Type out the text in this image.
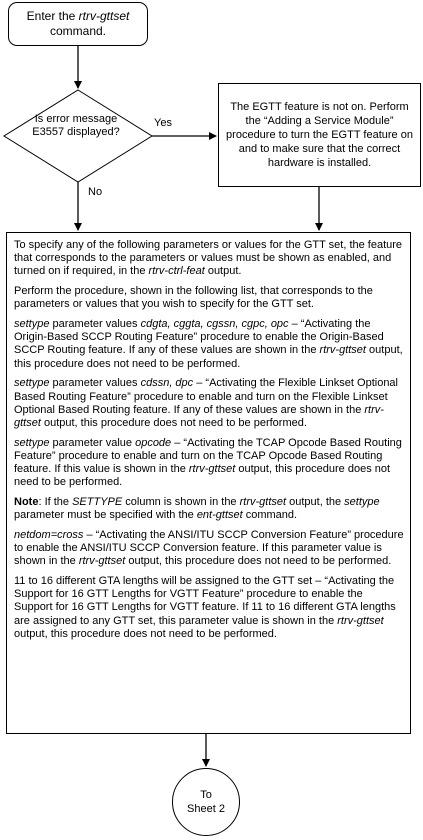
Enter the rtrv-gttset
command.
Is error message E3557 displayed?
Yes
No
The EGTT feature is not on. Perform the “Adding a Service Module” procedure to turn the EGTT feature on and to make sure that the correct hardware is installed.

To specify any of the following parameters or values for the GTT set, the feature that corresponds to the parameters or values must be shown as enabled, and turned on if required, in the rtrv-ctrl-feat output.

Perform the procedure, shown in the following list, that corresponds to the parameters or values that you wish to specify for the GTT set.

settype parameter values cdgta, cggta, cgssn, cgpc, opc – “Activating the Origin-Based SCCP Routing Feature” procedure to enable the Origin-Based SCCP Routing feature. If any of these values are shown in the rtrv-gttset output, this procedure does not need to be performed.

settype parameter values cdssn, dpc – “Activating the Flexible Linkset Optional Based Routing Feature” procedure to enable and turn on the Flexible Linkset Optional Based Routing feature. If any of these values are shown in the rtrv-gttset output, this procedure does not need to be performed.

settype parameter value opcode – “Activating the TCAP Opcode Based Routing Feature” procedure to enable and turn on the TCAP Opcode Based Routing feature. If this value is shown in the rtrv-gttset output, this procedure does not need to be performed.

Note: If the SETTYPE column is shown in the rtrv-gttset output, the settype parameter must be specified with the ent-gttset command.

netdom=cross – “Activating the ANSI/ITU SCCP Conversion Feature” procedure to enable the ANSI/ITU SCCP Conversion feature. If this parameter value is shown in the rtrv-gttset output, this procedure does not need to be performed.

11 to 16 different GTA lengths will be assigned to the GTT set – “Activating the Support for 16 GTT Lengths for VGTT Feature” procedure to enable the Support for 16 GTT Lengths for VGTT feature. If 11 to 16 different GTA lengths are assigned to any GTT set, this parameter value is shown in the rtrv-gttset output, this procedure does not need to be performed.

To
Sheet 2
